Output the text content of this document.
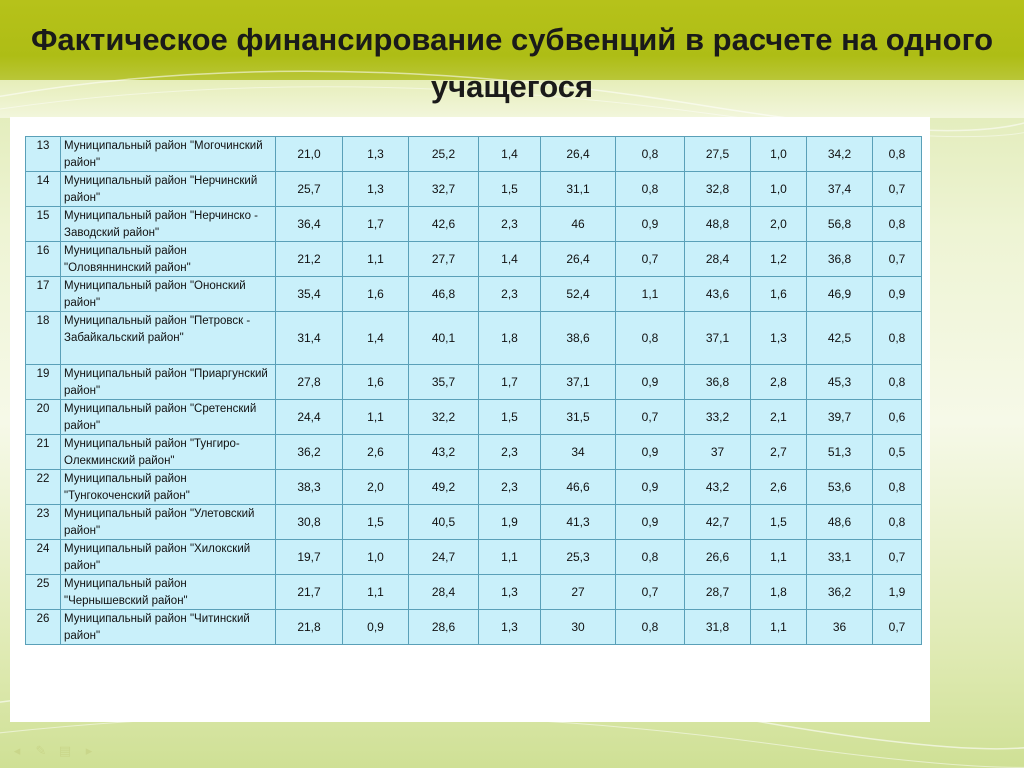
Фактическое финансирование субвенций в расчете на одного учащегося
13	Муниципальный район "Могочинский район"	21,0	1,3	25,2	1,4	26,4	0,8	27,5	1,0	34,2	0,8
14	Муниципальный район "Нерчинский район"	25,7	1,3	32,7	1,5	31,1	0,8	32,8	1,0	37,4	0,7
15	Муниципальный район "Нерчинско - Заводский район"	36,4	1,7	42,6	2,3	46	0,9	48,8	2,0	56,8	0,8
16	Муниципальный район "Оловяннинский район"	21,2	1,1	27,7	1,4	26,4	0,7	28,4	1,2	36,8	0,7
17	Муниципальный район "Ононский район"	35,4	1,6	46,8	2,3	52,4	1,1	43,6	1,6	46,9	0,9
18	Муниципальный район "Петровск - Забайкальский район"	31,4	1,4	40,1	1,8	38,6	0,8	37,1	1,3	42,5	0,8
19	Муниципальный район "Приаргунский район"	27,8	1,6	35,7	1,7	37,1	0,9	36,8	2,8	45,3	0,8
20	Муниципальный район "Сретенский район"	24,4	1,1	32,2	1,5	31,5	0,7	33,2	2,1	39,7	0,6
21	Муниципальный район "Тунгиро- Олекминский район"	36,2	2,6	43,2	2,3	34	0,9	37	2,7	51,3	0,5
22	Муниципальный район "Тунгокоченский район"	38,3	2,0	49,2	2,3	46,6	0,9	43,2	2,6	53,6	0,8
23	Муниципальный район "Улетовский район"	30,8	1,5	40,5	1,9	41,3	0,9	42,7	1,5	48,6	0,8
24	Муниципальный район "Хилокский район"	19,7	1,0	24,7	1,1	25,3	0,8	26,6	1,1	33,1	0,7
25	Муниципальный район "Чернышевский район"	21,7	1,1	28,4	1,3	27	0,7	28,7	1,8	36,2	1,9
26	Муниципальный район "Читинский район"	21,8	0,9	28,6	1,3	30	0,8	31,8	1,1	36	0,7
◂	✎ ▤	▸
